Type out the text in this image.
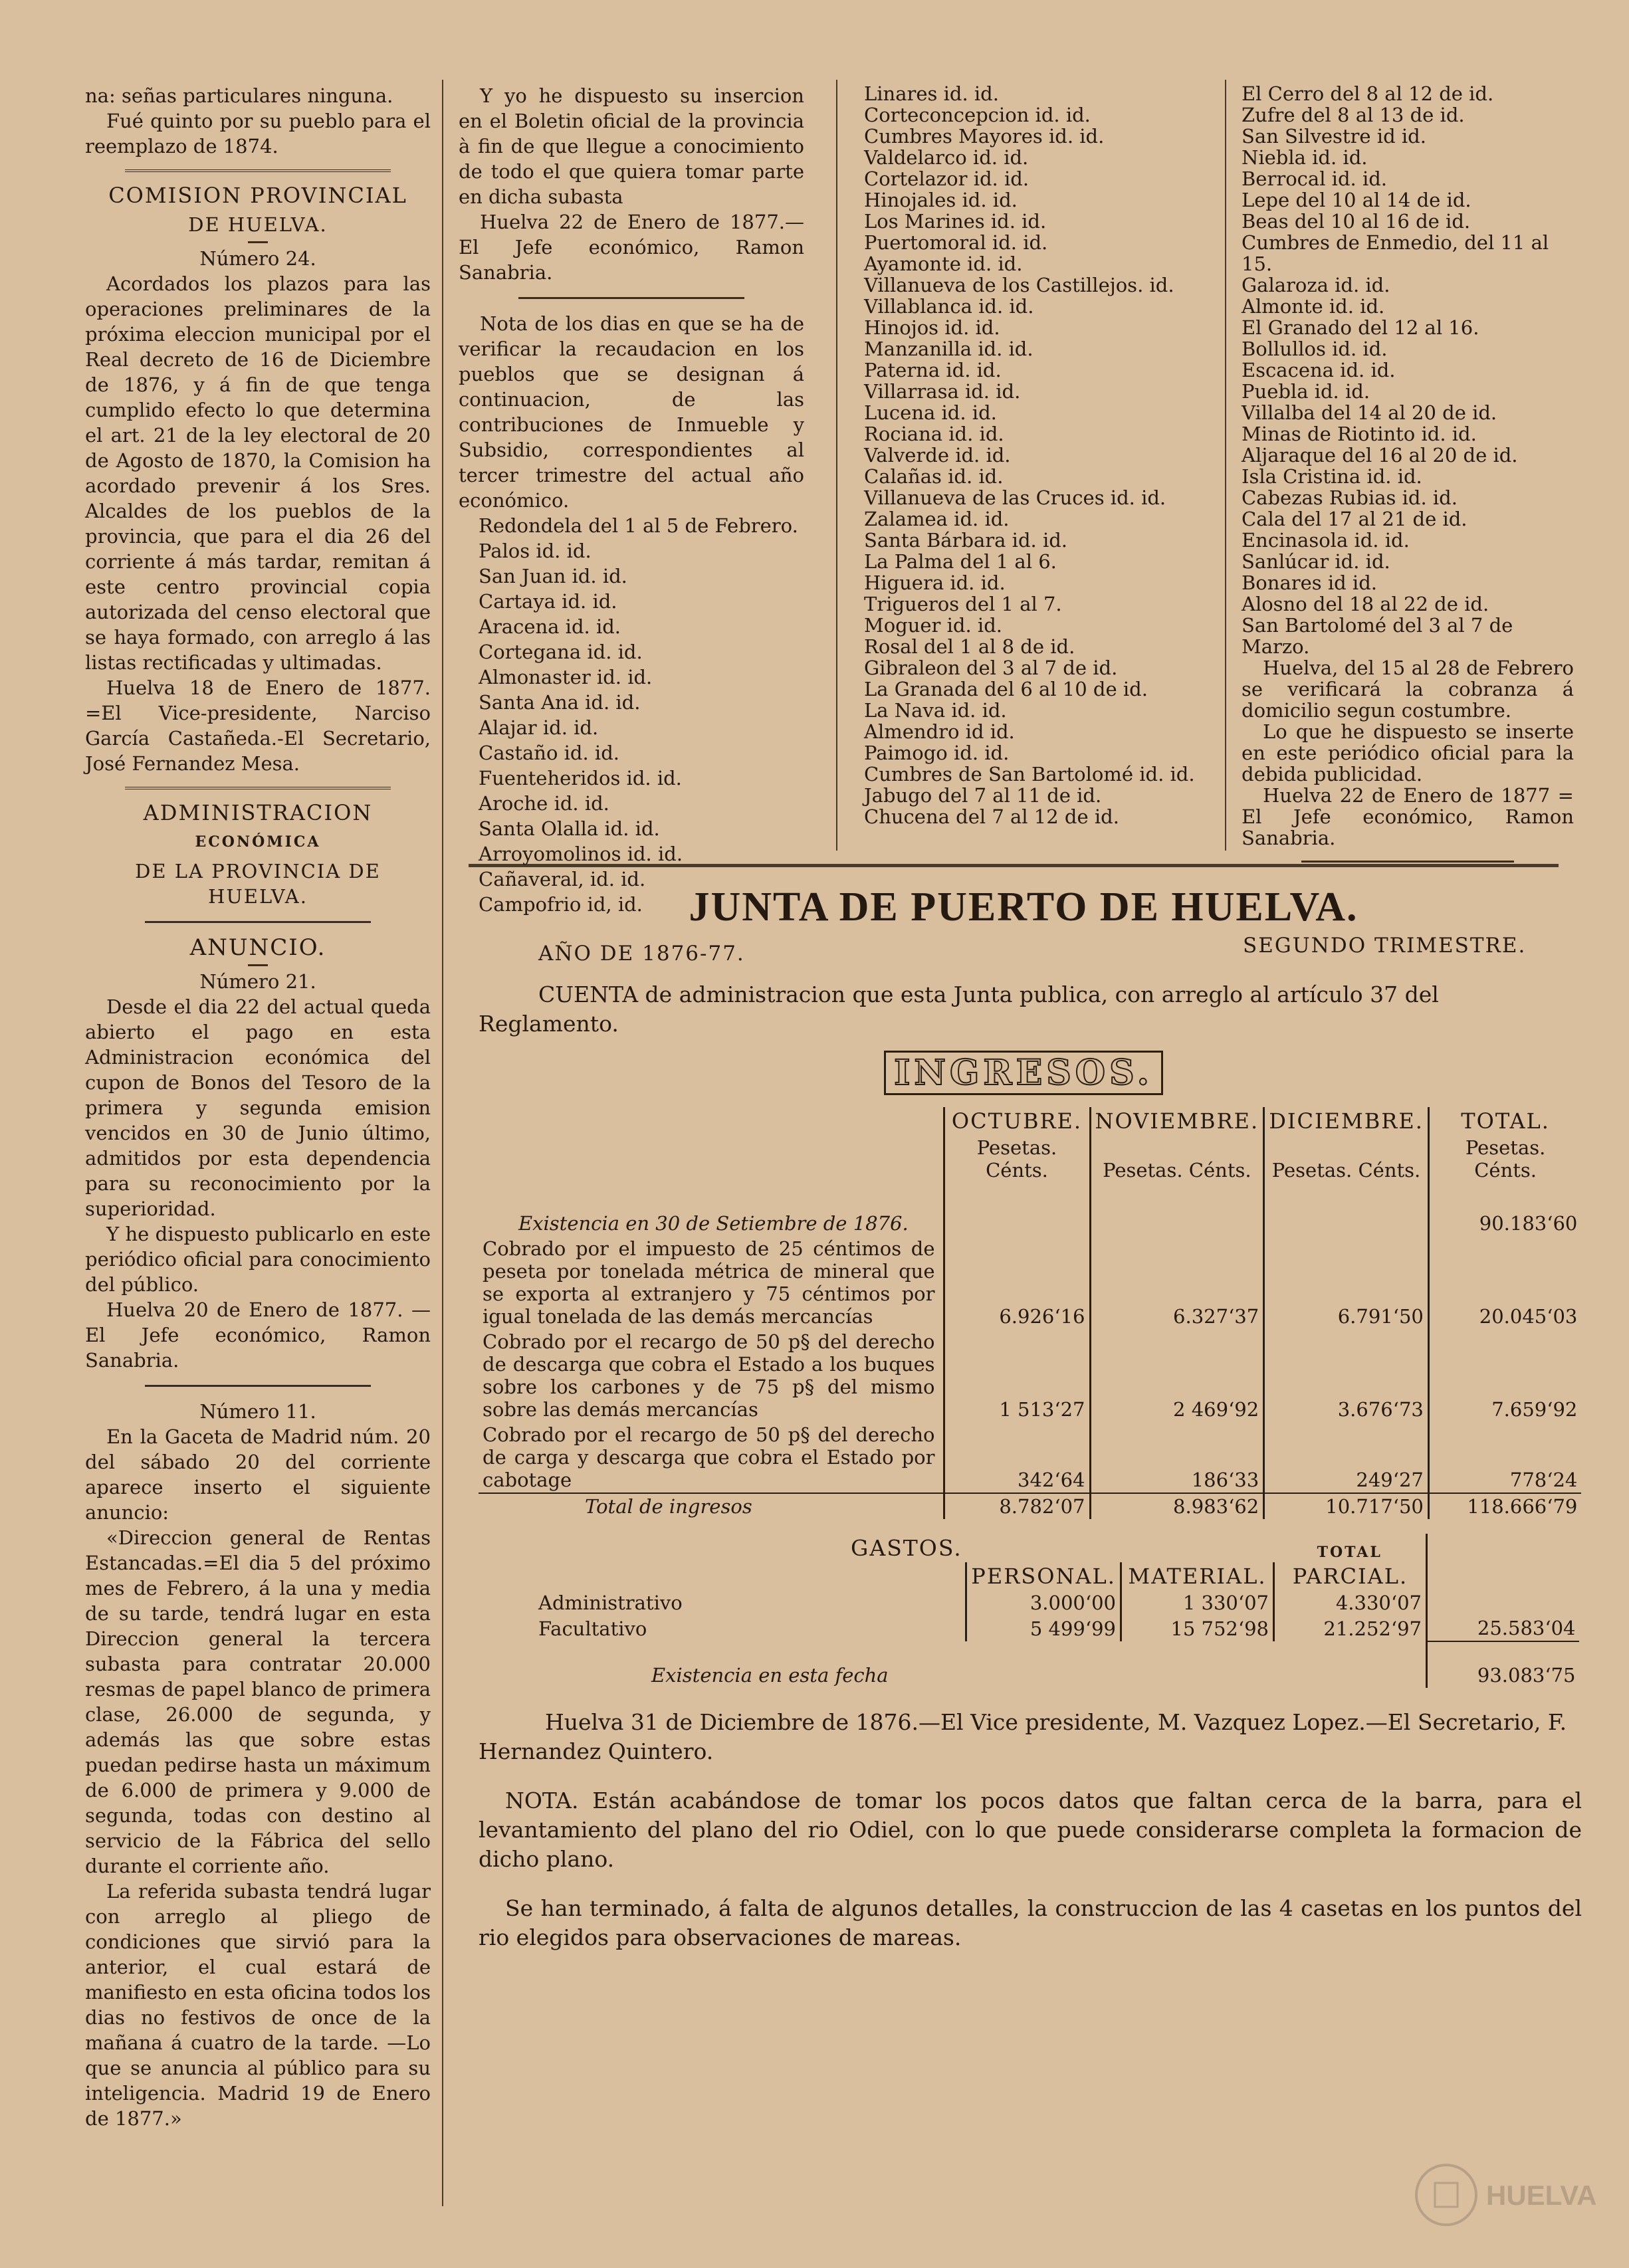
na: señas particulares ninguna.

Fué quinto por su pueblo para el reemplazo de 1874.

COMISION PROVINCIAL

DE HUELVA.

Número 24.

Acordados los plazos para las operaciones preliminares de la próxima eleccion municipal por el Real decreto de 16 de Diciembre de 1876, y á fin de que tenga cumplido efecto lo que determina el art. 21 de la ley electoral de 20 de Agosto de 1870, la Comision ha acordado prevenir á los Sres. Alcaldes de los pueblos de la provincia, que para el dia 26 del corriente á más tardar, remitan á este centro provincial copia autorizada del censo electoral que se haya formado, con arreglo á las listas rectificadas y ultimadas.

Huelva 18 de Enero de 1877. =El Vice-presidente, Narciso García Castañeda.-El Secretario, José Fernandez Mesa.

ADMINISTRACION

ECONÓMICA

DE LA PROVINCIA DE HUELVA.

ANUNCIO.

Número 21.

Desde el dia 22 del actual queda abierto el pago en esta Administracion económica del cupon de Bonos del Tesoro de la primera y segunda emision vencidos en 30 de Junio último, admitidos por esta dependencia para su reconocimiento por la superioridad.

Y he dispuesto publicarlo en este periódico oficial para conocimiento del público.

Huelva 20 de Enero de 1877. —El Jefe económico, Ramon Sanabria.

Número 11.

En la Gaceta de Madrid núm. 20 del sábado 20 del corriente aparece inserto el siguiente anuncio:

«Direccion general de Rentas Estancadas.=El dia 5 del próximo mes de Febrero, á la una y media de su tarde, tendrá lugar en esta Direccion general la tercera subasta para contratar 20.000 resmas de papel blanco de primera clase, 26.000 de segunda, y además las que sobre estas puedan pedirse hasta un máximum de 6.000 de primera y 9.000 de segunda, todas con destino al servicio de la Fábrica del sello durante el corriente año.

La referida subasta tendrá lugar con arreglo al pliego de condiciones que sirvió para la anterior, el cual estará de manifiesto en esta oficina todos los dias no festivos de once de la mañana á cuatro de la tarde. —Lo que se anuncia al público para su inteligencia. Madrid 19 de Enero de 1877.»

Y yo he dispuesto su insercion en el Boletin oficial de la provincia à fin de que llegue a conocimiento de todo el que quiera tomar parte en dicha subasta

Huelva 22 de Enero de 1877.— El Jefe económico, Ramon Sanabria.

Nota de los dias en que se ha de verificar la recaudacion en los pueblos que se designan á continuacion, de las contribuciones de Inmueble y Subsidio, correspondientes al tercer trimestre del actual año económico.

Redondela del 1 al 5 de Febrero.
Palos id. id.
San Juan id. id.
Cartaya id. id.
Aracena id. id.
Cortegana id. id.
Almonaster id. id.
Santa Ana id. id.
Alajar id. id.
Castaño id. id.
Fuenteheridos id. id.
Aroche id. id.
Santa Olalla id. id.
Arroyomolinos id. id.
Cañaveral, id. id.
Campofrio id, id.
Linares id. id.
Corteconcepcion id. id.
Cumbres Mayores id. id.
Valdelarco id. id.
Cortelazor id. id.
Hinojales id. id.
Los Marines id. id.
Puertomoral id. id.
Ayamonte id. id.
Villanueva de los Castillejos. id.
Villablanca id. id.
Hinojos id. id.
Manzanilla id. id.
Paterna id. id.
Villarrasa id. id.
Lucena id. id.
Rociana id. id.
Valverde id. id.
Calañas id. id.
Villanueva de las Cruces id. id.
Zalamea id. id.
Santa Bárbara id. id.
La Palma del 1 al 6.
Higuera id. id.
Trigueros del 1 al 7.
Moguer id. id.
Rosal del 1 al 8 de id.
Gibraleon del 3 al 7 de id.
La Granada del 6 al 10 de id.
La Nava id. id.
Almendro id id.
Paimogo id. id.
Cumbres de San Bartolomé id. id.
Jabugo del 7 al 11 de id.
Chucena del 7 al 12 de id.
El Cerro del 8 al 12 de id.
Zufre del 8 al 13 de id.
San Silvestre id id.
Niebla id. id.
Berrocal id. id.
Lepe del 10 al 14 de id.
Beas del 10 al 16 de id.
Cumbres de Enmedio, del 11 al 15.
Galaroza id. id.
Almonte id. id.
El Granado del 12 al 16.
Bollullos id. id.
Escacena id. id.
Puebla id. id.
Villalba del 14 al 20 de id.
Minas de Riotinto id. id.
Aljaraque del 16 al 20 de id.
Isla Cristina id. id.
Cabezas Rubias id. id.
Cala del 17 al 21 de id.
Encinasola id. id.
Sanlúcar id. id.
Bonares id id.
Alosno del 18 al 22 de id.
San Bartolomé del 3 al 7 de Marzo.

Huelva, del 15 al 28 de Febrero se verificará la cobranza á domicilio segun costumbre.

Lo que he dispuesto se inserte en este periódico oficial para la debida publicidad.

Huelva 22 de Enero de 1877 = El Jefe económico, Ramon Sanabria.

JUNTA DE PUERTO DE HUELVA.

AÑO DE 1876-77.	SEGUNDO TRIMESTRE.

CUENTA de administracion que esta Junta publica, con arreglo al artículo 37 del Reglamento.

INGRESOS.
	OCTUBRE.	NOVIEMBRE.	DICIEMBRE.	TOTAL.
	Pesetas. Cénts.	Pesetas. Cénts.	Pesetas. Cénts.	Pesetas. Cénts.
Existencia en 30 de Setiembre de 1876.				90.183‘60
Cobrado por el impuesto de 25 céntimos de peseta por tonelada métrica de mineral que se exporta al extranjero y 75 céntimos por igual tonelada de las demás mercancías	6.926‘16	6.327‘37	6.791‘50	20.045‘03
Cobrado por el recargo de 50 p§ del derecho de descarga que cobra el Estado a los buques sobre los carbones y de 75 p§ del mismo sobre las demás mercancías	1 513‘27	2 469‘92	3.676‘73	7.659‘92
Cobrado por el recargo de 50 p§ del derecho de carga y descarga que cobra el Estado por cabotage	342‘64	186‘33	249‘27	778‘24
Total de ingresos	8.782‘07	8.983‘62	10.717‘50	118.666‘79
GASTOS.			TOTAL	
	PERSONAL.	MATERIAL.	PARCIAL.	
Administrativo	3.000‘00	1 330‘07	4.330‘07	
Facultativo	5 499‘99	15 752‘98	21.252‘97	25.583‘04
Existencia en esta fecha				93.083‘75

Huelva 31 de Diciembre de 1876.—El Vice presidente, M. Vazquez Lopez.—El Secretario, F. Hernandez Quintero.

NOTA. Están acabándose de tomar los pocos datos que faltan cerca de la barra, para el levantamiento del plano del rio Odiel, con lo que puede considerarse completa la formacion de dicho plano.

Se han terminado, á falta de algunos detalles, la construccion de las 4 casetas en los puntos del rio elegidos para observaciones de mareas.

HUELVA
